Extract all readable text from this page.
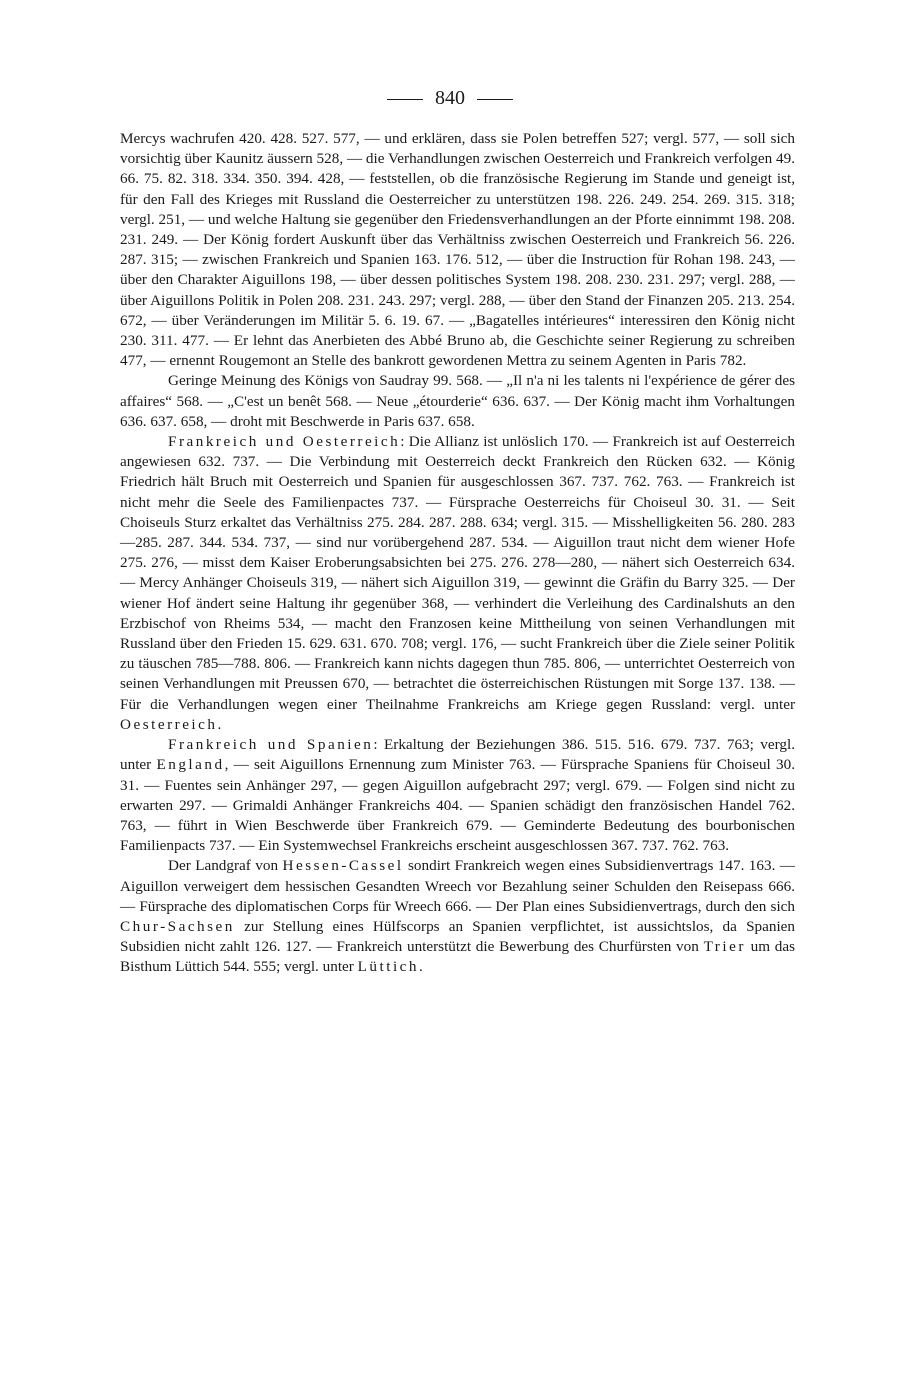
840

Mercys wachrufen 420. 428. 527. 577, — und erklären, dass sie Polen betreffen 527; vergl. 577, — soll sich vorsichtig über Kaunitz äussern 528, — die Verhandlungen zwischen Oesterreich und Frankreich verfolgen 49. 66. 75. 82. 318. 334. 350. 394. 428, — feststellen, ob die französische Regierung im Stande und geneigt ist, für den Fall des Krieges mit Russland die Oesterreicher zu unterstützen 198. 226. 249. 254. 269. 315. 318; vergl. 251, — und welche Haltung sie gegenüber den Friedensverhandlungen an der Pforte einnimmt 198. 208. 231. 249. — Der König fordert Auskunft über das Verhältniss zwischen Oesterreich und Frankreich 56. 226. 287. 315; — zwischen Frankreich und Spanien 163. 176. 512, — über die Instruction für Rohan 198. 243, — über den Charakter Aiguillons 198, — über dessen politisches System 198. 208. 230. 231. 297; vergl. 288, — über Aiguillons Politik in Polen 208. 231. 243. 297; vergl. 288, — über den Stand der Finanzen 205. 213. 254. 672, — über Veränderungen im Militär 5. 6. 19. 67. — „Bagatelles intérieures“ interessiren den König nicht 230. 311. 477. — Er lehnt das Anerbieten des Abbé Bruno ab, die Geschichte seiner Regierung zu schreiben 477, — ernennt Rougemont an Stelle des bankrott gewordenen Mettra zu seinem Agenten in Paris 782.

Geringe Meinung des Königs von Saudray 99. 568. — „Il n'a ni les talents ni l'expérience de gérer des affaires“ 568. — „C'est un benêt 568. — Neue „étourderie“ 636. 637. — Der König macht ihm Vorhaltungen 636. 637. 658, — droht mit Beschwerde in Paris 637. 658.

Frankreich und Oesterreich: Die Allianz ist unlöslich 170. — Frankreich ist auf Oesterreich angewiesen 632. 737. — Die Verbindung mit Oesterreich deckt Frankreich den Rücken 632. — König Friedrich hält Bruch mit Oesterreich und Spanien für ausgeschlossen 367. 737. 762. 763. — Frankreich ist nicht mehr die Seele des Familienpactes 737. — Fürsprache Oesterreichs für Choiseul 30. 31. — Seit Choiseuls Sturz erkaltet das Verhältniss 275. 284. 287. 288. 634; vergl. 315. — Misshelligkeiten 56. 280. 283—285. 287. 344. 534. 737, — sind nur vorübergehend 287. 534. — Aiguillon traut nicht dem wiener Hofe 275. 276, — misst dem Kaiser Eroberungsabsichten bei 275. 276. 278—280, — nähert sich Oesterreich 634. — Mercy Anhänger Choiseuls 319, — nähert sich Aiguillon 319, — gewinnt die Gräfin du Barry 325. — Der wiener Hof ändert seine Haltung ihr gegenüber 368, — verhindert die Verleihung des Cardinalshuts an den Erzbischof von Rheims 534, — macht den Franzosen keine Mittheilung von seinen Verhandlungen mit Russland über den Frieden 15. 629. 631. 670. 708; vergl. 176, — sucht Frankreich über die Ziele seiner Politik zu täuschen 785—788. 806. — Frankreich kann nichts dagegen thun 785. 806, — unterrichtet Oesterreich von seinen Verhandlungen mit Preussen 670, — betrachtet die österreichischen Rüstungen mit Sorge 137. 138. — Für die Verhandlungen wegen einer Theilnahme Frankreichs am Kriege gegen Russland: vergl. unter Oesterreich.

Frankreich und Spanien: Erkaltung der Beziehungen 386. 515. 516. 679. 737. 763; vergl. unter England, — seit Aiguillons Ernennung zum Minister 763. — Fürsprache Spaniens für Choiseul 30. 31. — Fuentes sein Anhänger 297, — gegen Aiguillon aufgebracht 297; vergl. 679. — Folgen sind nicht zu erwarten 297. — Grimaldi Anhänger Frankreichs 404. — Spanien schädigt den französischen Handel 762. 763, — führt in Wien Beschwerde über Frankreich 679. — Geminderte Bedeutung des bourbonischen Familienpacts 737. — Ein Systemwechsel Frankreichs erscheint ausgeschlossen 367. 737. 762. 763.

Der Landgraf von Hessen-Cassel sondirt Frankreich wegen eines Subsidienvertrags 147. 163. — Aiguillon verweigert dem hessischen Gesandten Wreech vor Bezahlung seiner Schulden den Reisepass 666. — Fürsprache des diplomatischen Corps für Wreech 666. — Der Plan eines Subsidienvertrags, durch den sich Chur-Sachsen zur Stellung eines Hülfscorps an Spanien verpflichtet, ist aussichtslos, da Spanien Subsidien nicht zahlt 126. 127. — Frankreich unterstützt die Bewerbung des Churfürsten von Trier um das Bisthum Lüttich 544. 555; vergl. unter Lüttich.
